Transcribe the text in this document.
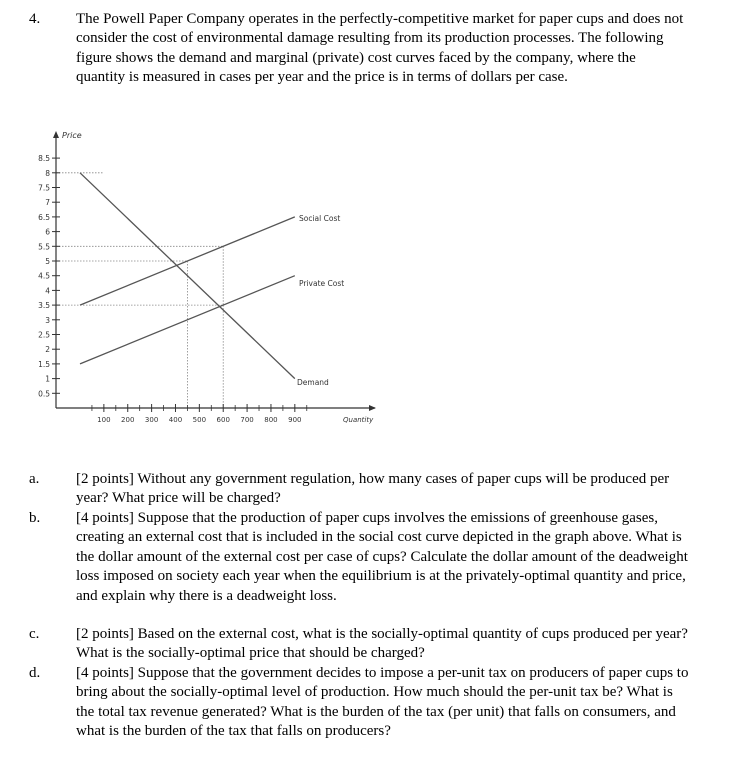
4. The Powell Paper Company operates in the perfectly-competitive market for paper cups and does not consider the cost of environmental damage resulting from its production processes. The following figure shows the demand and marginal (private) cost curves faced by the company, where the quantity is measured in cases per year and the price is in terms of dollars per case.

0.5
1
1.5
2
2.5
3
3.5
4
4.5
5
5.5
6
6.5
7
7.5
8
8.5
100 200 300 400 500 600 700 800 900
Demand
Social Cost
Private Cost
Price
Quantity
a. [2 points] Without any government regulation, how many cases of paper cups will be produced per year? What price will be charged?
b. [4 points] Suppose that the production of paper cups involves the emissions of greenhouse gases, creating an external cost that is included in the social cost curve depicted in the graph above. What is the dollar amount of the external cost per case of cups? Calculate the dollar amount of the deadweight loss imposed on society each year when the equilibrium is at the privately-optimal quantity and price, and explain why there is a deadweight loss.
c. [2 points] Based on the external cost, what is the socially-optimal quantity of cups produced per year? What is the socially-optimal price that should be charged?
d. [4 points] Suppose that the government decides to impose a per-unit tax on producers of paper cups to bring about the socially-optimal level of production. How much should the per-unit tax be? What is the total tax revenue generated? What is the burden of the tax (per unit) that falls on consumers, and what is the burden of the tax that falls on producers?
